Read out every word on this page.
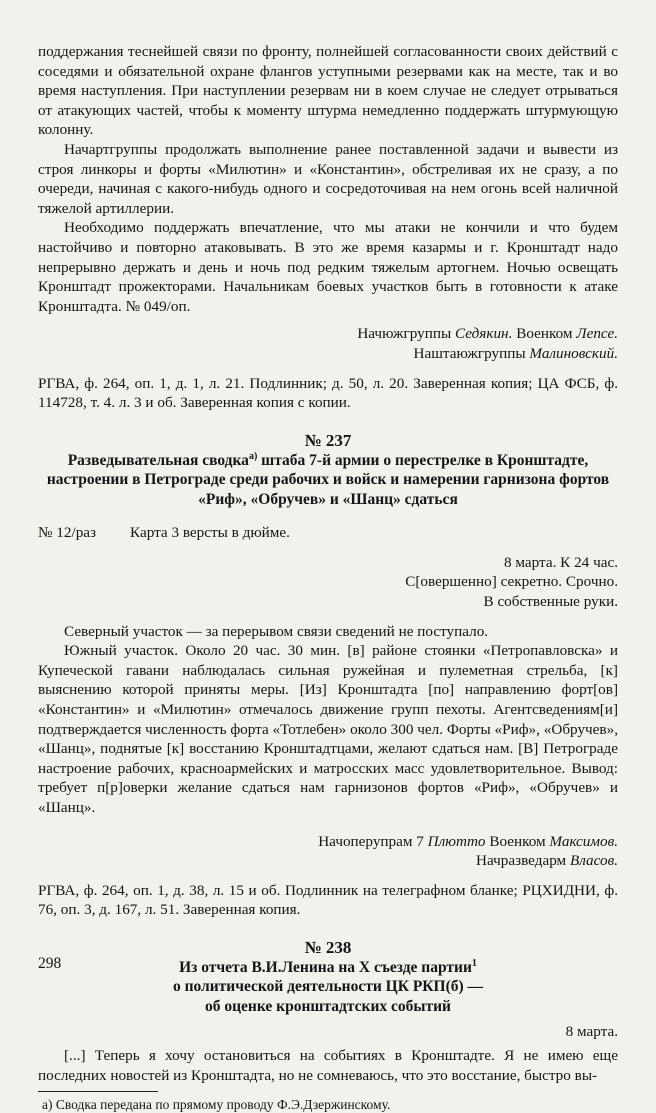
поддержания теснейшей связи по фронту, полнейшей согласованности своих действий с соседями и обязательной охране флангов уступными резервами как на месте, так и во время наступления. При наступлении резервам ни в коем случае не следует отрываться от атакующих частей, чтобы к моменту штурма немедленно поддержать штурмующую колонну.

Начартгруппы продолжать выполнение ранее поставленной задачи и вывести из строя линкоры и форты «Милютин» и «Константин», обстреливая их не сразу, а по очереди, начиная с какого-нибудь одного и сосредоточивая на нем огонь всей наличной тяжелой артиллерии.

Необходимо поддержать впечатление, что мы атаки не кончили и что будем настойчиво и повторно атаковывать. В это же время казармы и г. Кронштадт надо непрерывно держать и день и ночь под редким тяжелым артогнем. Ночью освещать Кронштадт прожекторами. Начальникам боевых участков быть в готовности к атаке Кронштадта. № 049/оп.

Начюжгруппы Седякин. Военком Лепсе.

Наштаюжгруппы Малиновский.

РГВА, ф. 264, оп. 1, д. 1, л. 21. Подлинник; д. 50, л. 20. Заверенная копия; ЦА ФСБ, ф. 114728, т. 4. л. 3 и об. Заверенная копия с копии.

№ 237
Разведывательная сводка$^{а)}$ штаба 7-й армии о перестрелке в Кронштадте, настроении в Петрограде среди рабочих и войск и намерении гарнизона фортов «Риф», «Обручев» и «Шанц» сдаться

№ 12/раз Карта 3 версты в дюйме.

8 марта. К 24 час.

С[овершенно] секретно. Срочно.

В собственные руки.

Северный участок — за перерывом связи сведений не поступало.

Южный участок. Около 20 час. 30 мин. [в] районе стоянки «Петропавловска» и Купеческой гавани наблюдалась сильная ружейная и пулеметная стрельба, [к] выяснению которой приняты меры. [Из] Кронштадта [по] направлению форт[ов] «Константин» и «Милютин» отмечалось движение групп пехоты. Агентсведениям[и] подтверждается численность форта «Тотлебен» около 300 чел. Форты «Риф», «Обручев», «Шанц», поднятые [к] восстанию Кронштадтцами, желают сдаться нам. [В] Петрограде настроение рабочих, красноармейских и матросских масс удовлетворительное. Вывод: требует п[р]оверки желание сдаться нам гарнизонов фортов «Риф», «Обручев» и «Шанц».

Начоперупрам 7 Плютто Военком Максимов.

Начразведарм Власов.

РГВА, ф. 264, оп. 1, д. 38, л. 15 и об. Подлинник на телеграфном бланке; РЦХИДНИ, ф. 76, оп. 3, д. 167, л. 51. Заверенная копия.

№ 238
Из отчета В.И.Ленина на X съезде партии$^1$
о политической деятельности ЦК РКП(б) —
об оценке кронштадтских событий

8 марта.

[...] Теперь я хочу остановиться на событиях в Кронштадте. Я не имею еще последних новостей из Кронштадта, но не сомневаюсь, что это восстание, быстро вы-

а) Сводка передана по прямому проводу Ф.Э.Дзержинскому.

298
